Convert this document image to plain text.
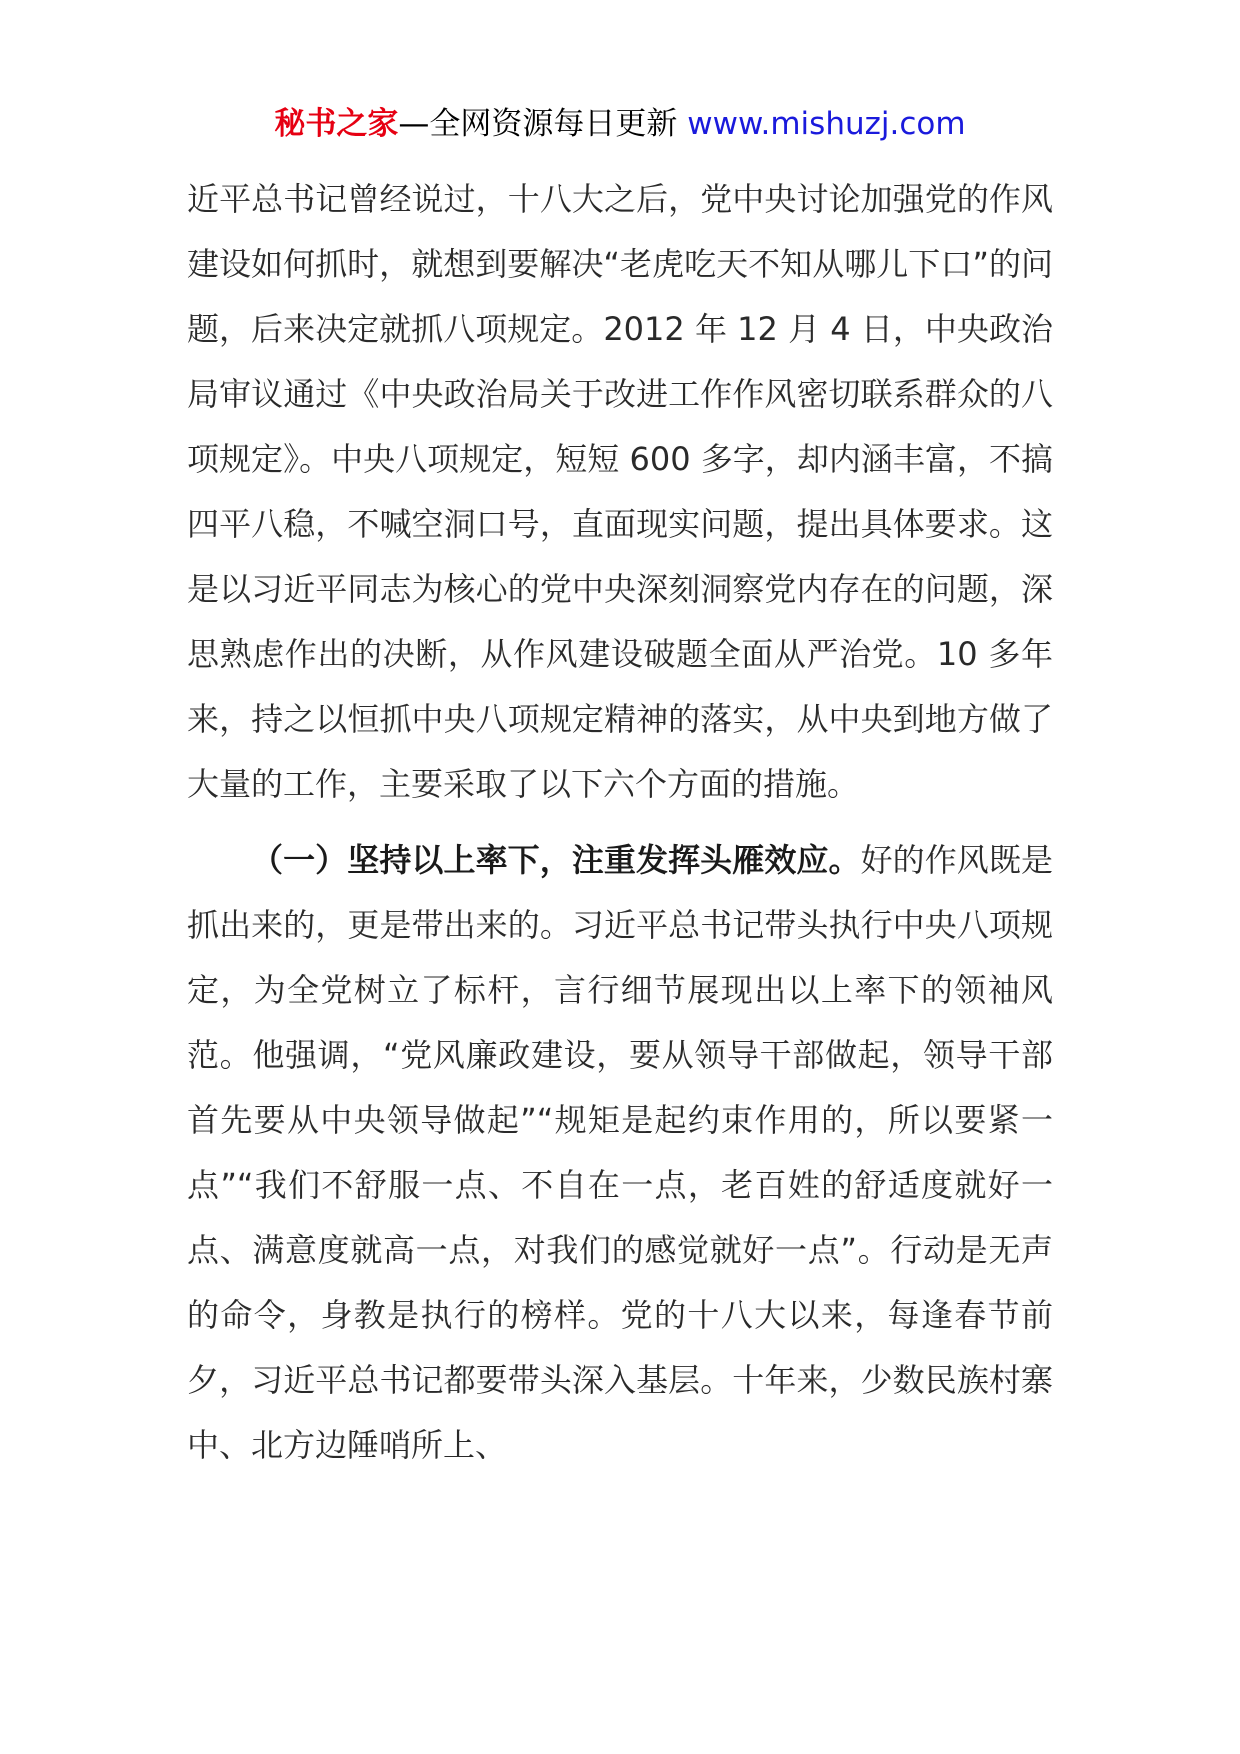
秘书之家—全网资源每日更新 www.mishuzj.com

近平总书记曾经说过，十八大之后，党中央讨论加强党的作风建设如何抓时，就想到要解决“老虎吃天不知从哪儿下口”的问题，后来决定就抓八项规定。2012 年 12 月 4 日，中央政治局审议通过《中央政治局关于改进工作作风密切联系群众的八项规定》。中央八项规定，短短 600 多字，却内涵丰富，不搞四平八稳，不喊空洞口号，直面现实问题，提出具体要求。这是以习近平同志为核心的党中央深刻洞察党内存在的问题，深思熟虑作出的决断，从作风建设破题全面从严治党。10 多年来，持之以恒抓中央八项规定精神的落实，从中央到地方做了大量的工作，主要采取了以下六个方面的措施。

（一）坚持以上率下，注重发挥头雁效应。好的作风既是抓出来的，更是带出来的。习近平总书记带头执行中央八项规定，为全党树立了标杆，言行细节展现出以上率下的领袖风范。他强调，“党风廉政建设，要从领导干部做起，领导干部首先要从中央领导做起”“规矩是起约束作用的，所以要紧一点”“我们不舒服一点、不自在一点，老百姓的舒适度就好一点、满意度就高一点，对我们的感觉就好一点”。行动是无声的命令，身教是执行的榜样。党的十八大以来，每逢春节前夕，习近平总书记都要带头深入基层。十年来，少数民族村寨中、北方边陲哨所上、
